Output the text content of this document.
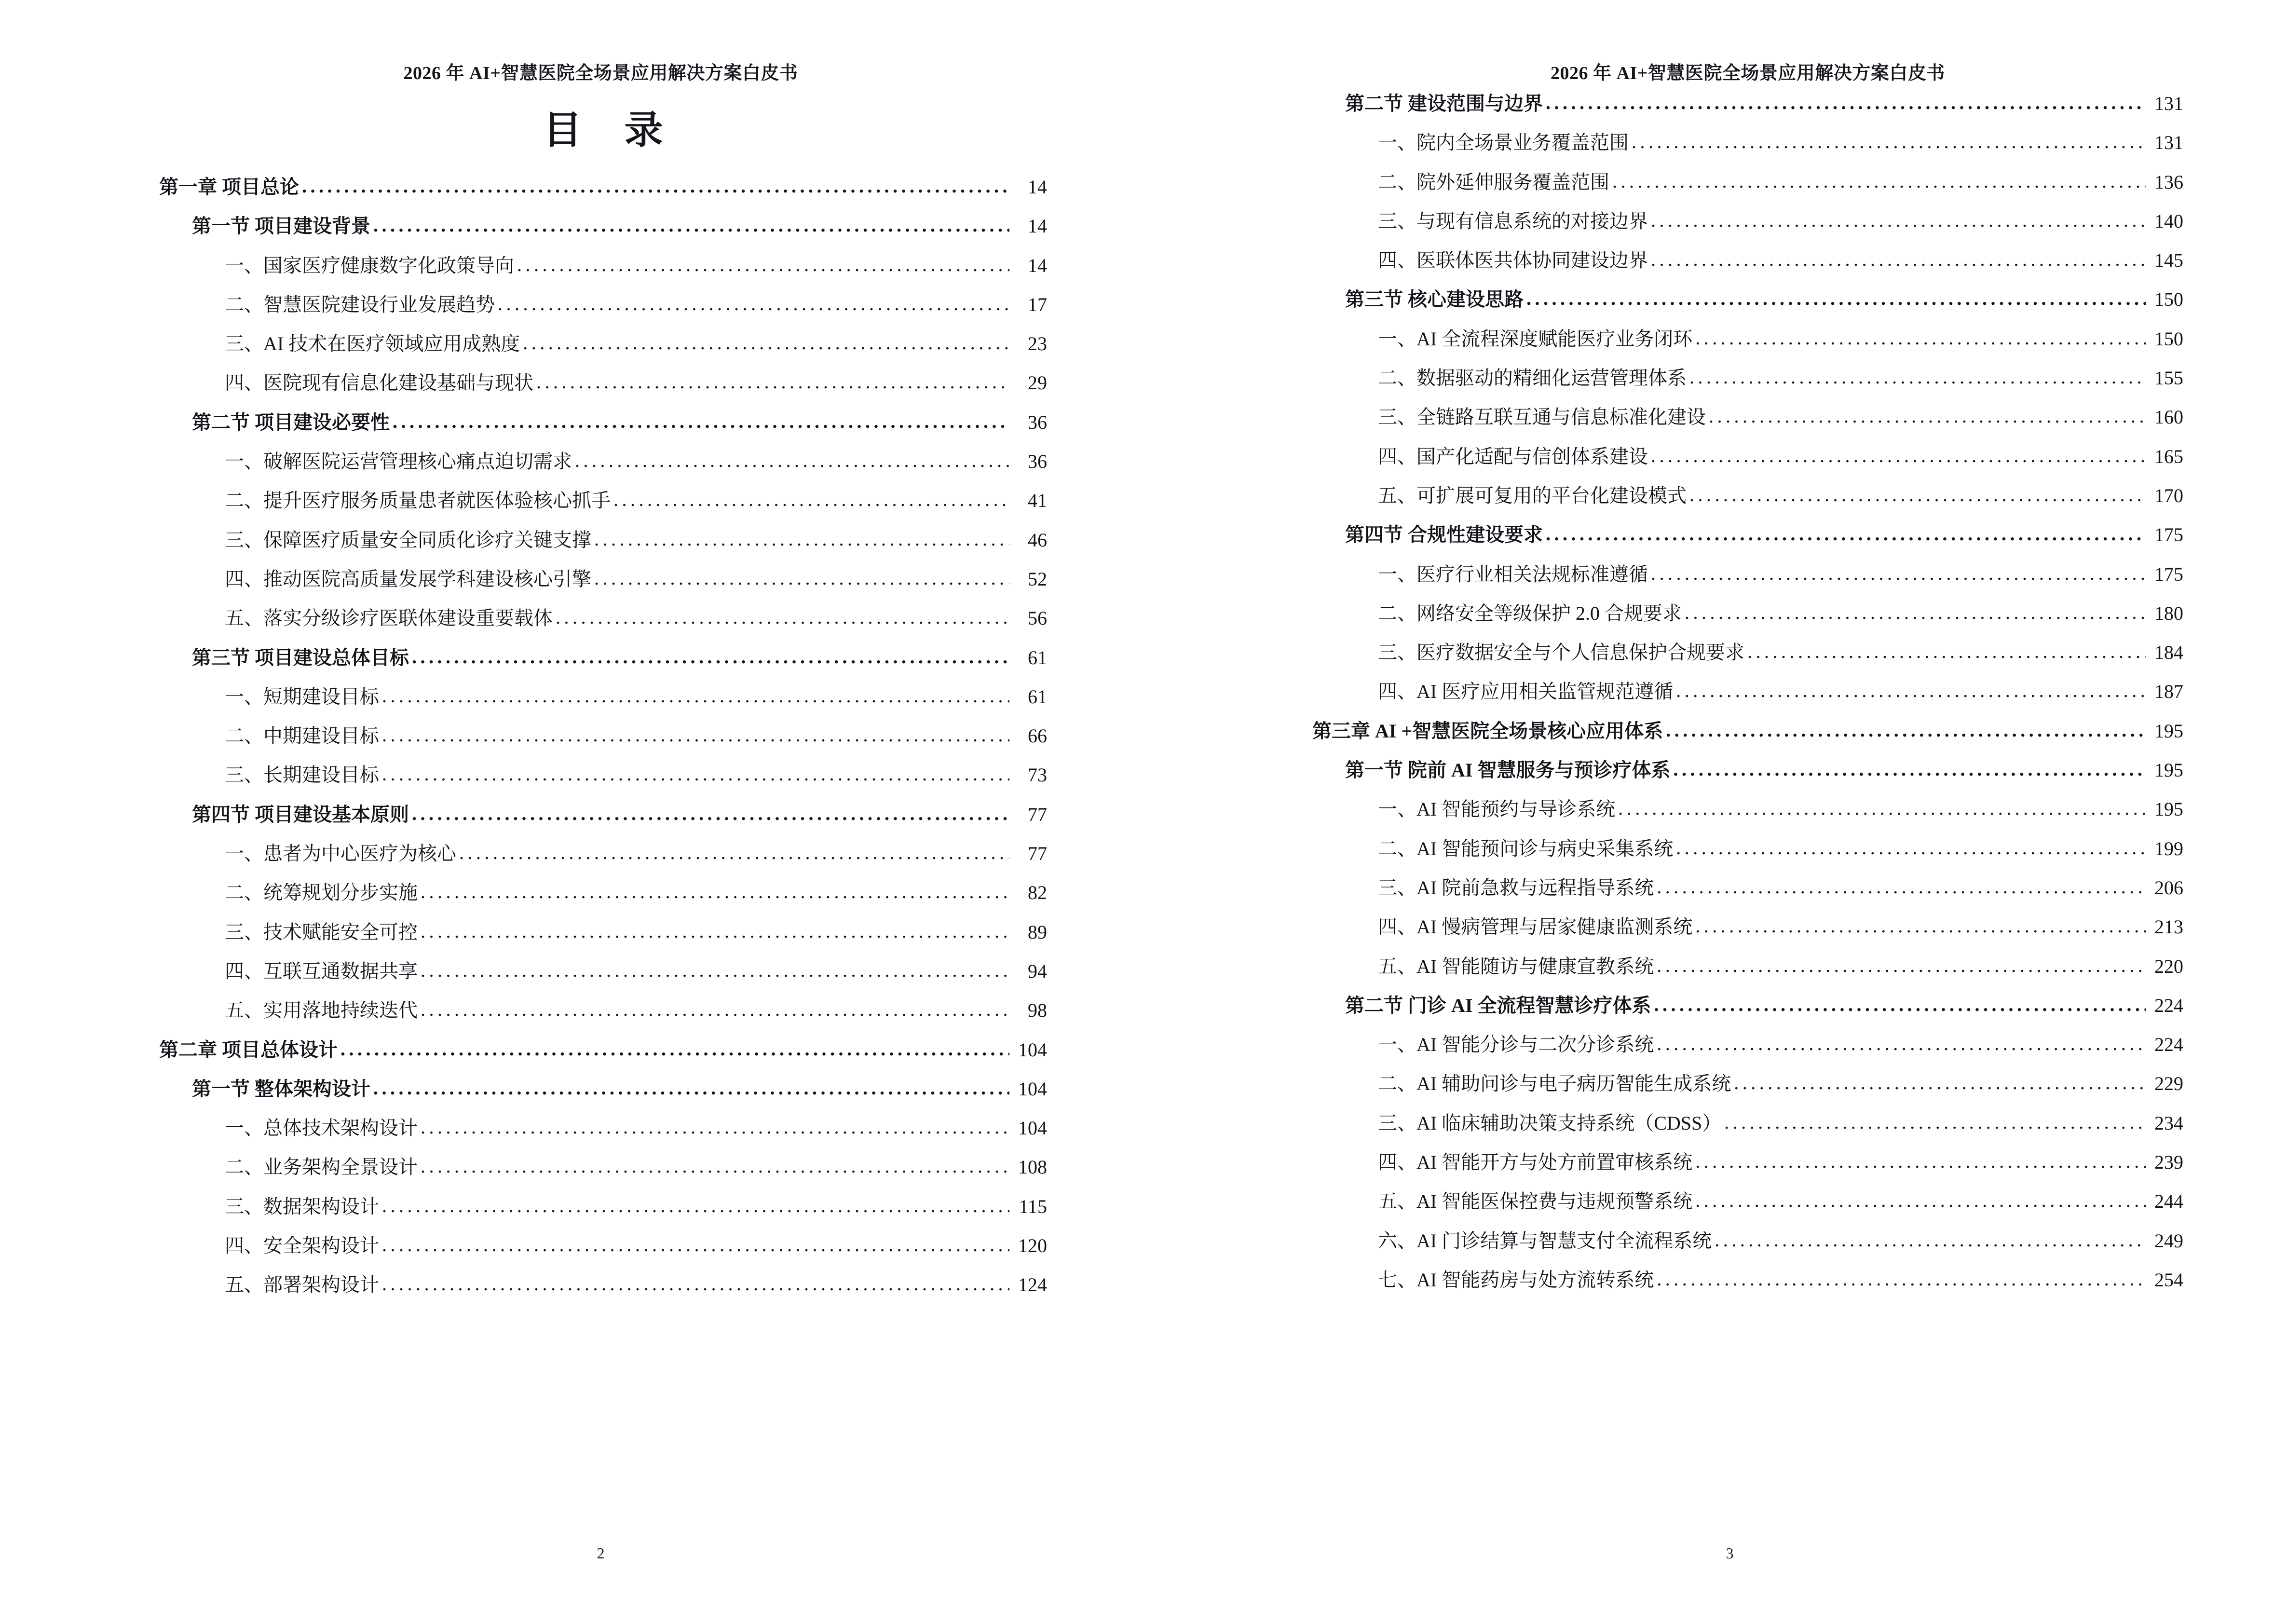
2026 年 AI+智慧医院全场景应用解决方案白皮书
目 录
第一章 项目总论 .....	14
第一节 项目建设背景 .....	14
一、国家医疗健康数字化政策导向 .....	14
二、智慧医院建设行业发展趋势 .....	17
三、AI 技术在医疗领域应用成熟度 .....	23
四、医院现有信息化建设基础与现状 .....	29
第二节 项目建设必要性 .....	36
一、破解医院运营管理核心痛点迫切需求 .....	36
二、提升医疗服务质量患者就医体验核心抓手 .....	41
三、保障医疗质量安全同质化诊疗关键支撑 .....	46
四、推动医院高质量发展学科建设核心引擎 .....	52
五、落实分级诊疗医联体建设重要载体 .....	56
第三节 项目建设总体目标 .....	61
一、短期建设目标 .....	61
二、中期建设目标 .....	66
三、长期建设目标 .....	73
第四节 项目建设基本原则 .....	77
一、患者为中心医疗为核心 .....	77
二、统筹规划分步实施 .....	82
三、技术赋能安全可控 .....	89
四、互联互通数据共享 .....	94
五、实用落地持续迭代 .....	98
第二章 项目总体设计 .....	104
第一节 整体架构设计 .....	104
一、总体技术架构设计 .....	104
二、业务架构全景设计 .....	108
三、数据架构设计 .....	115
四、安全架构设计 .....	120
五、部署架构设计 .....	124
2
2026 年 AI+智慧医院全场景应用解决方案白皮书
第二节 建设范围与边界 .....	131
一、院内全场景业务覆盖范围 .....	131
二、院外延伸服务覆盖范围 .....	136
三、与现有信息系统的对接边界 .....	140
四、医联体医共体协同建设边界 .....	145
第三节 核心建设思路 .....	150
一、AI 全流程深度赋能医疗业务闭环 .....	150
二、数据驱动的精细化运营管理体系 .....	155
三、全链路互联互通与信息标准化建设 .....	160
四、国产化适配与信创体系建设 .....	165
五、可扩展可复用的平台化建设模式 .....	170
第四节 合规性建设要求 .....	175
一、医疗行业相关法规标准遵循 .....	175
二、网络安全等级保护 2.0 合规要求 .....	180
三、医疗数据安全与个人信息保护合规要求 .....	184
四、AI 医疗应用相关监管规范遵循 .....	187
第三章 AI +智慧医院全场景核心应用体系 .....	195
第一节 院前 AI 智慧服务与预诊疗体系 .....	195
一、AI 智能预约与导诊系统 .....	195
二、AI 智能预问诊与病史采集系统 .....	199
三、AI 院前急救与远程指导系统 .....	206
四、AI 慢病管理与居家健康监测系统 .....	213
五、AI 智能随访与健康宣教系统 .....	220
第二节 门诊 AI 全流程智慧诊疗体系 .....	224
一、AI 智能分诊与二次分诊系统 .....	224
二、AI 辅助问诊与电子病历智能生成系统 .....	229
三、AI 临床辅助决策支持系统（CDSS） .....	234
四、AI 智能开方与处方前置审核系统 .....	239
五、AI 智能医保控费与违规预警系统 .....	244
六、AI 门诊结算与智慧支付全流程系统 .....	249
七、AI 智能药房与处方流转系统 .....	254
3
